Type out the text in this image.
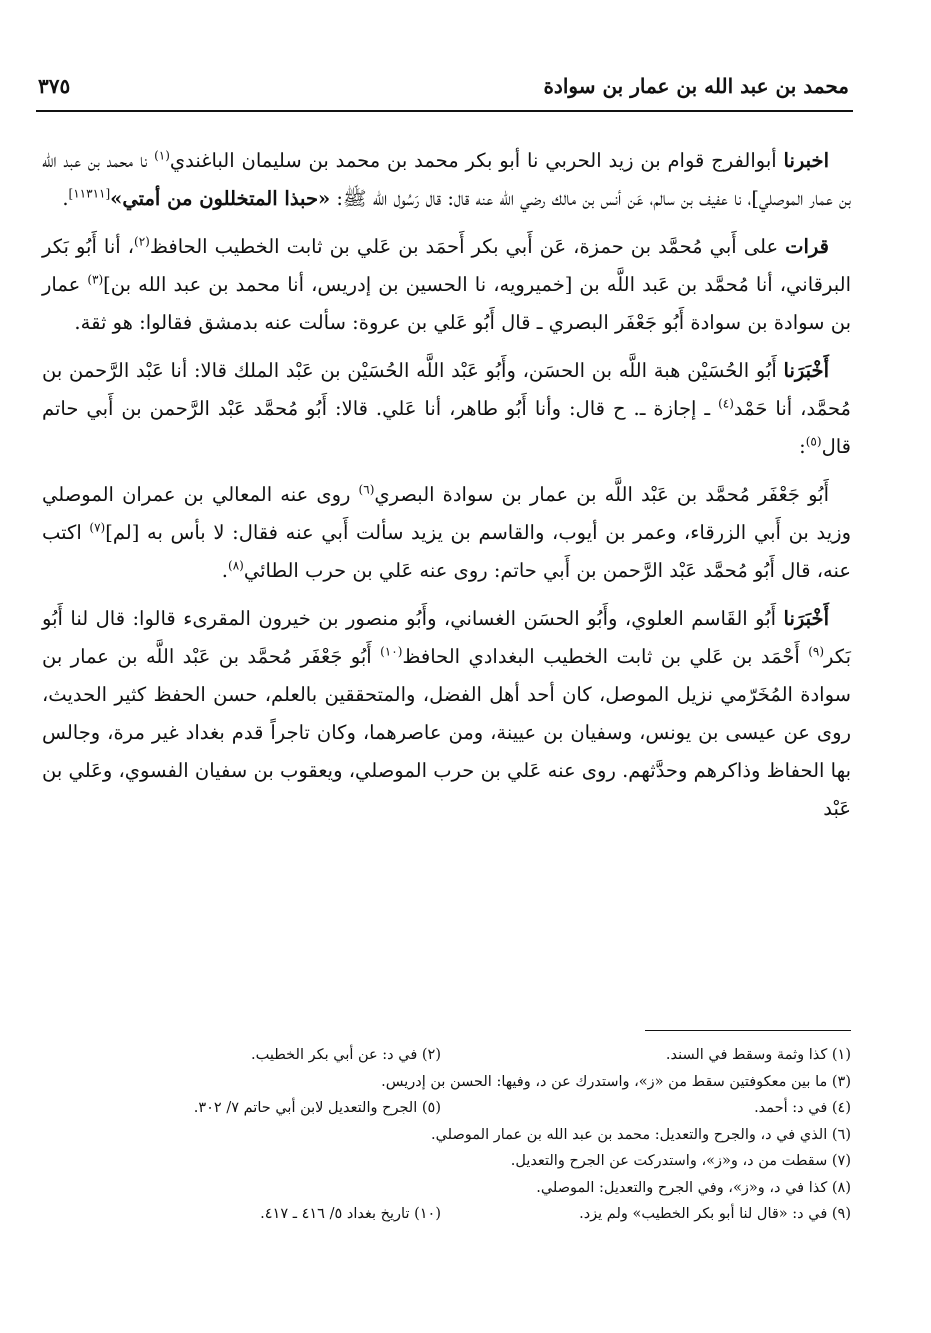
٣٧٥	محمد بن عبد الله بن عمار بن سوادة

اخبرنا أبوالفرج قوام بن زيد الحربي نا أبو بكر محمد بن محمد بن سليمان الباغندي$^{(١)}$ نا محمد بن عبد الله بن عمار الموصلي]، نا عفيف بن سالم، عَن أنس بن مالك رضي الله عنه قال: قال رَسُول الله ﷺ: «حبذا المتخللون من أمتي»[١١٣١١].

قرات على أَبي مُحمَّد بن حمزة، عَن أَبي بكر أَحمَد بن عَلي بن ثابت الخطيب الحافظ$^{(٢)}$، أنا أَبُو بَكر البرقاني، أنا مُحمَّد بن عَبد اللَّه بن [خميرويه، نا الحسين بن إدريس، أنا محمد بن عبد الله بن]$^{(٣)}$ عمار بن سوادة بن سوادة أَبُو جَعْفَر البصري ـ قال أَبُو عَلي بن عروة: سألت عنه بدمشق فقالوا: هو ثقة.

أَخْبَرَنا أَبُو الحُسَيْن هبة اللَّه بن الحسَن، وأَبُو عَبْد اللَّه الحُسَيْن بن عَبْد الملك قالا: أنا عَبْد الرَّحمن بن مُحمَّد، أنا حَمْد$^{(٤)}$ ـ إجازة ـ. ح قال: وأنا أَبُو طاهر، أنا عَلي. قالا: أَبُو مُحمَّد عَبْد الرَّحمن بن أَبي حاتم قال$^{(٥)}$:

أَبُو جَعْفَر مُحمَّد بن عَبْد اللَّه بن عمار بن سوادة البصري$^{(٦)}$ روى عنه المعالي بن عمران الموصلي وزيد بن أَبي الزرقاء، وعمر بن أيوب، والقاسم بن يزيد سألت أَبي عنه فقال: لا بأس به [لم]$^{(٧)}$ اكتب عنه، قال أَبُو مُحمَّد عَبْد الرَّحمن بن أَبي حاتم: روى عنه عَلي بن حرب الطائي$^{(٨)}$.

أَخْبَرَنا أَبُو القَاسم العلوي، وأَبُو الحسَن الغساني، وأَبُو منصور بن خيرون المقرىء قالوا: قال لنا أَبُو بَكر$^{(٩)}$ أَحْمَد بن عَلي بن ثابت الخطيب البغدادي الحافظ$^{(١٠)}$ أَبُو جَعْفَر مُحمَّد بن عَبْد اللَّه بن عمار بن سوادة المُخَرّمي نزيل الموصل، كان أحد أهل الفضل، والمتحققين بالعلم، حسن الحفظ كثير الحديث، روى عن عيسى بن يونس، وسفيان بن عيينة، ومن عاصرهما، وكان تاجراً قدم بغداد غير مرة، وجالس بها الحفاظ وذاكرهم وحدَّثهم. روى عنه عَلي بن حرب الموصلي، ويعقوب بن سفيان الفسوي، وعَلي بن عَبْد

(١) كذا وثمة وسقط في السند.
(٢) في د: عن أبي بكر الخطيب.
(٣) ما بين معكوفتين سقط من «ز»، واستدرك عن د، وفيها: الحسن بن إدريس.
(٤) في د: أحمد.
(٥) الجرح والتعديل لابن أبي حاتم ٧/ ٣٠٢.
(٦) الذي في د، والجرح والتعديل: محمد بن عبد الله بن عمار الموصلي.
(٧) سقطت من د، و«ز»، واستدركت عن الجرح والتعديل.
(٨) كذا في د، و«ز»، وفي الجرح والتعديل: الموصلي.
(٩) في د: «قال لنا أبو بكر الخطيب» ولم يزد.
(١٠) تاريخ بغداد ٥/ ٤١٦ ـ ٤١٧.
